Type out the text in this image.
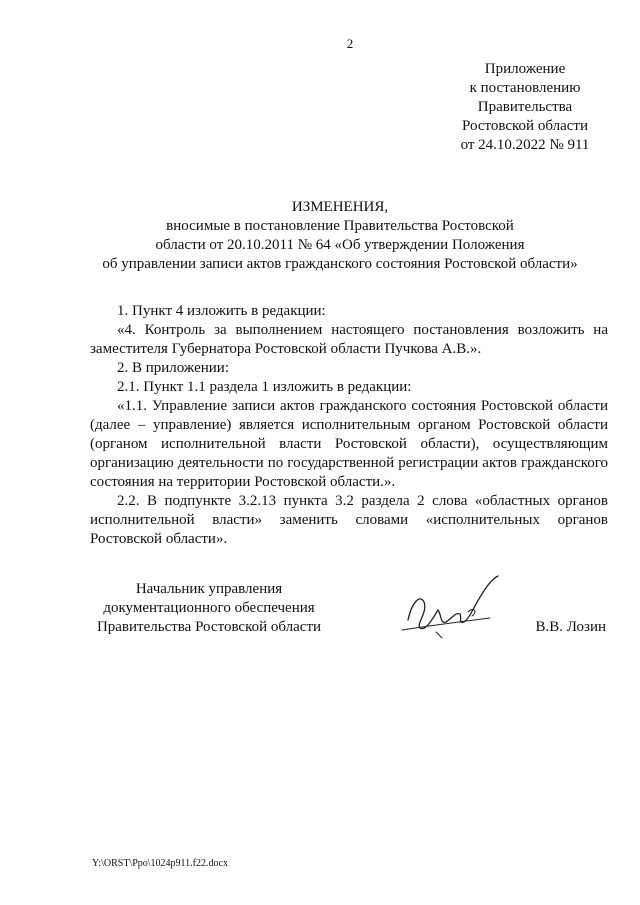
2
Приложение
к постановлению
Правительства
Ростовской области
от 24.10.2022 № 911
ИЗМЕНЕНИЯ,
вносимые в постановление Правительства Ростовской
области от 20.10.2011 № 64 «Об утверждении Положения
об управлении записи актов гражданского состояния Ростовской области»

1. Пункт 4 изложить в редакции:

«4. Контроль за выполнением настоящего постановления возложить на заместителя Губернатора Ростовской области Пучкова А.В.».

2. В приложении:

2.1. Пункт 1.1 раздела 1 изложить в редакции:

«1.1. Управление записи актов гражданского состояния Ростовской области (далее – управление) является исполнительным органом Ростовской области (органом исполнительной власти Ростовской области), осуществляющим организацию деятельности по государственной регистрации актов гражданского состояния на территории Ростовской области.».

2.2. В подпункте 3.2.13 пункта 3.2 раздела 2 слова «областных органов исполнительной власти» заменить словами «исполнительных органов Ростовской области».

Начальник управления
документационного обеспечения
Правительства Ростовской области	В.В. Лозин
Y:\ORST\Ppo\1024p911.f22.docx
